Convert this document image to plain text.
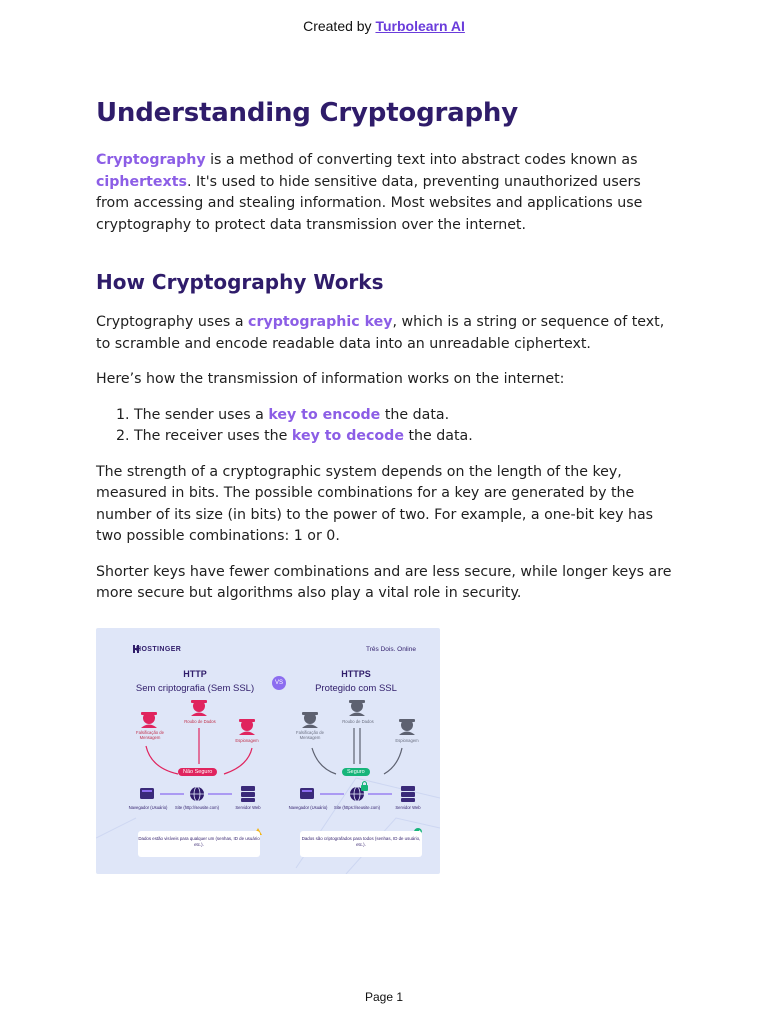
Created by Turbolearn AI
Understanding Cryptography

Cryptography is a method of converting text into abstract codes known as ciphertexts. It's used to hide sensitive data, preventing unauthorized users from accessing and stealing information. Most websites and applications use cryptography to protect data transmission over the internet.

How Cryptography Works

Cryptography uses a cryptographic key, which is a string or sequence of text, to scramble and encode readable data into an unreadable ciphertext.

Here’s how the transmission of information works on the internet:

1. The sender uses a key to encode the data.
2. The receiver uses the key to decode the data.

The strength of a cryptographic system depends on the length of the key, measured in bits. The possible combinations for a key are generated by the number of its size (in bits) to the power of two. For example, a one-bit key has two possible combinations: 1 or 0.

Shorter keys have fewer combinations and are less secure, while longer keys are more secure but algorithms also play a vital role in security.

HOSTINGER	Três Dois. Online
HTTP
Sem criptografia (Sem SSL)	VS
HTTPS
Protegido com SSL
Falsificação de Mensagem
Roubo de Dados
Espionagem
Não Seguro
Falsificação de Mensagem
Roubo de Dados
Espionagem
Seguro
Navegador (Usuário)	Site (http://seusite.com)	Servidor Web	Navegador (Usuário)	Site (https://seusite.com)	Servidor Web
Dados estão visíveis para qualquer um (senhas, ID de usuário etc.).
Dados são criptografados para todos (senhas, ID de usuário, etc.).
Page 1
